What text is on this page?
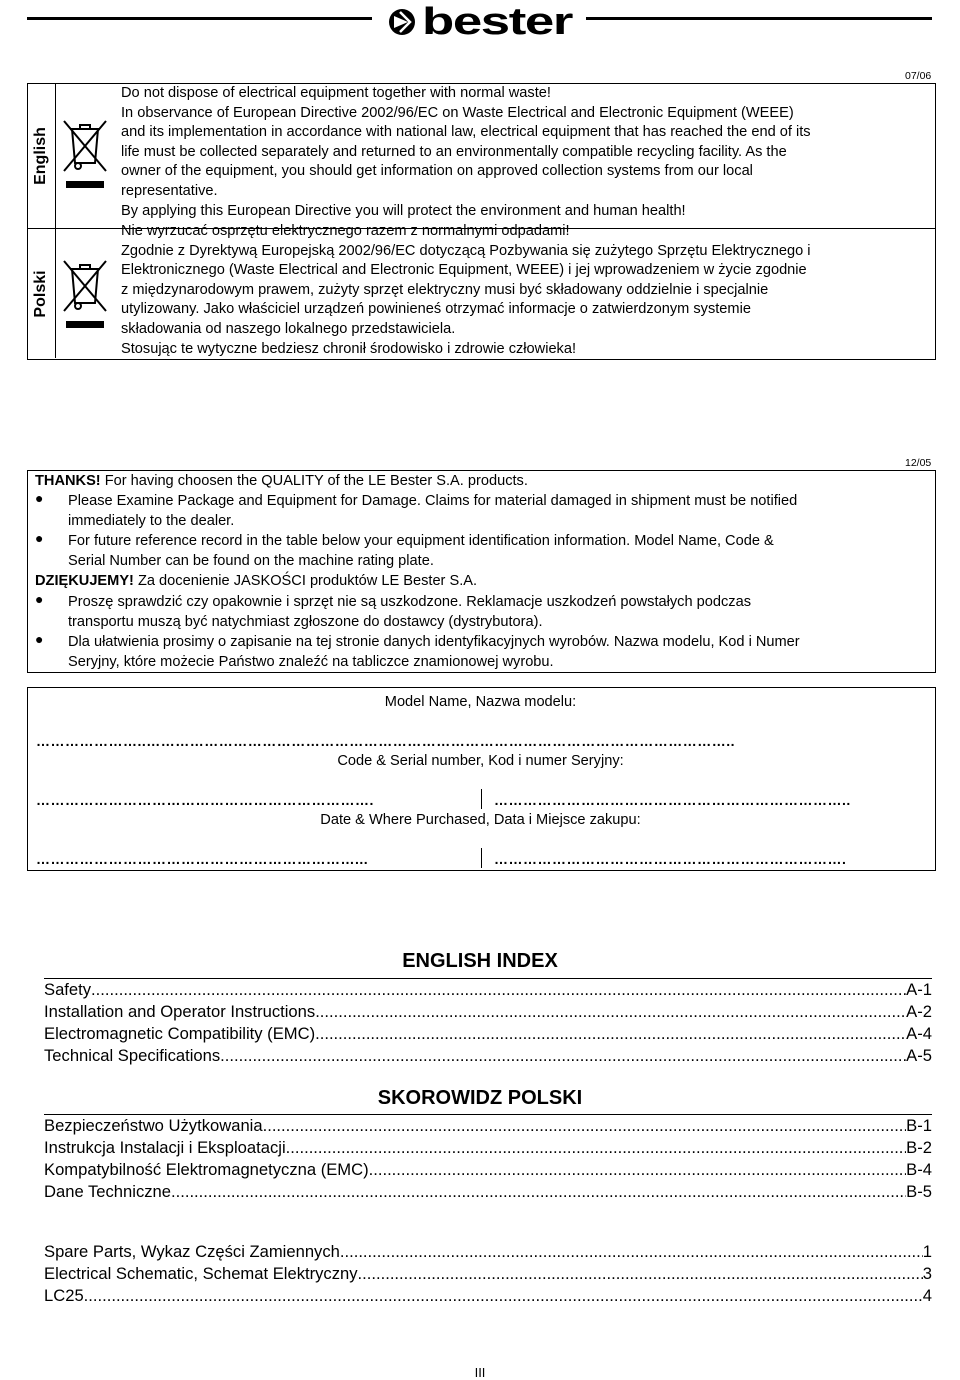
bester
07/06
English
Polski

Do not dispose of electrical equipment together with normal waste!

In observance of European Directive 2002/96/EC on Waste Electrical and Electronic Equipment (WEEE)

and its implementation in accordance with national law, electrical equipment that has reached the end of its

life must be collected separately and returned to an environmentally compatible recycling facility. As the

owner of the equipment, you should get information on approved collection systems from our local

representative.

By applying this European Directive you will protect the environment and human health!

Nie wyrzucać osprzętu elektrycznego razem z normalnymi odpadami!

Zgodnie z Dyrektywą Europejską 2002/96/EC dotyczącą Pozbywania się zużytego Sprzętu Elektrycznego i

Elektronicznego (Waste Electrical and Electronic Equipment, WEEE) i jej wprowadzeniem w życie zgodnie

z międzynarodowym prawem, zużyty sprzęt elektryczny musi być składowany oddzielnie i specjalnie

utylizowany. Jako właściciel urządzeń powinieneś otrzymać informacje o zatwierdzonym systemie

składowania od naszego lokalnego przedstawiciela.

Stosując te wytyczne bedziesz chronił środowisko i zdrowie człowieka!

12/05
THANKS! For having choosen the QUALITY of the LE Bester S.A. products.
● Please Examine Package and Equipment for Damage. Claims for material damaged in shipment must be notified
immediately to the dealer.
● For future reference record in the table below your equipment identification information. Model Name, Code &
Serial Number can be found on the machine rating plate.
DZIĘKUJEMY! Za docenienie JASKOŚCI produktów LE Bester S.A.
● Proszę sprawdzić czy opakownie i sprzęt nie są uszkodzone. Reklamacje uszkodzeń powstałych podczas
transportu muszą być natychmiast zgłoszone do dostawcy (dystrybutora).
● Dla ułatwienia prosimy o zapisanie na tej stronie danych identyfikacyjnych wyrobów. Nazwa modelu, Kod i Numer
Seryjny, które możecie Państwo znaleźć na tabliczce znamionowej wyrobu.
Model Name, Nazwa modelu:
…………………..…………………………………………………………………………………………………………..
Code & Serial number, Kod i numer Seryjny:
…………………………………………………………….	………………………………………………………………..
Date & Where Purchased, Data i Miejsce zakupu:
…………………………………………………………...	……………………………………………………………….
ENGLISH INDEX
Safety .....	A-1
Installation and Operator Instructions .....	A-2
Electromagnetic Compatibility (EMC) .....	A-4
Technical Specifications .....	A-5
SKOROWIDZ POLSKI
Bezpieczeństwo Użytkowania .....	B-1
Instrukcja Instalacji i Eksploatacji .....	B-2
Kompatybilność Elektromagnetyczna (EMC) .....	B-4
Dane Techniczne .....	B-5
Spare Parts, Wykaz Części Zamiennych .....	1
Electrical Schematic, Schemat Elektryczny .....	3
LC25 .....	4
III
